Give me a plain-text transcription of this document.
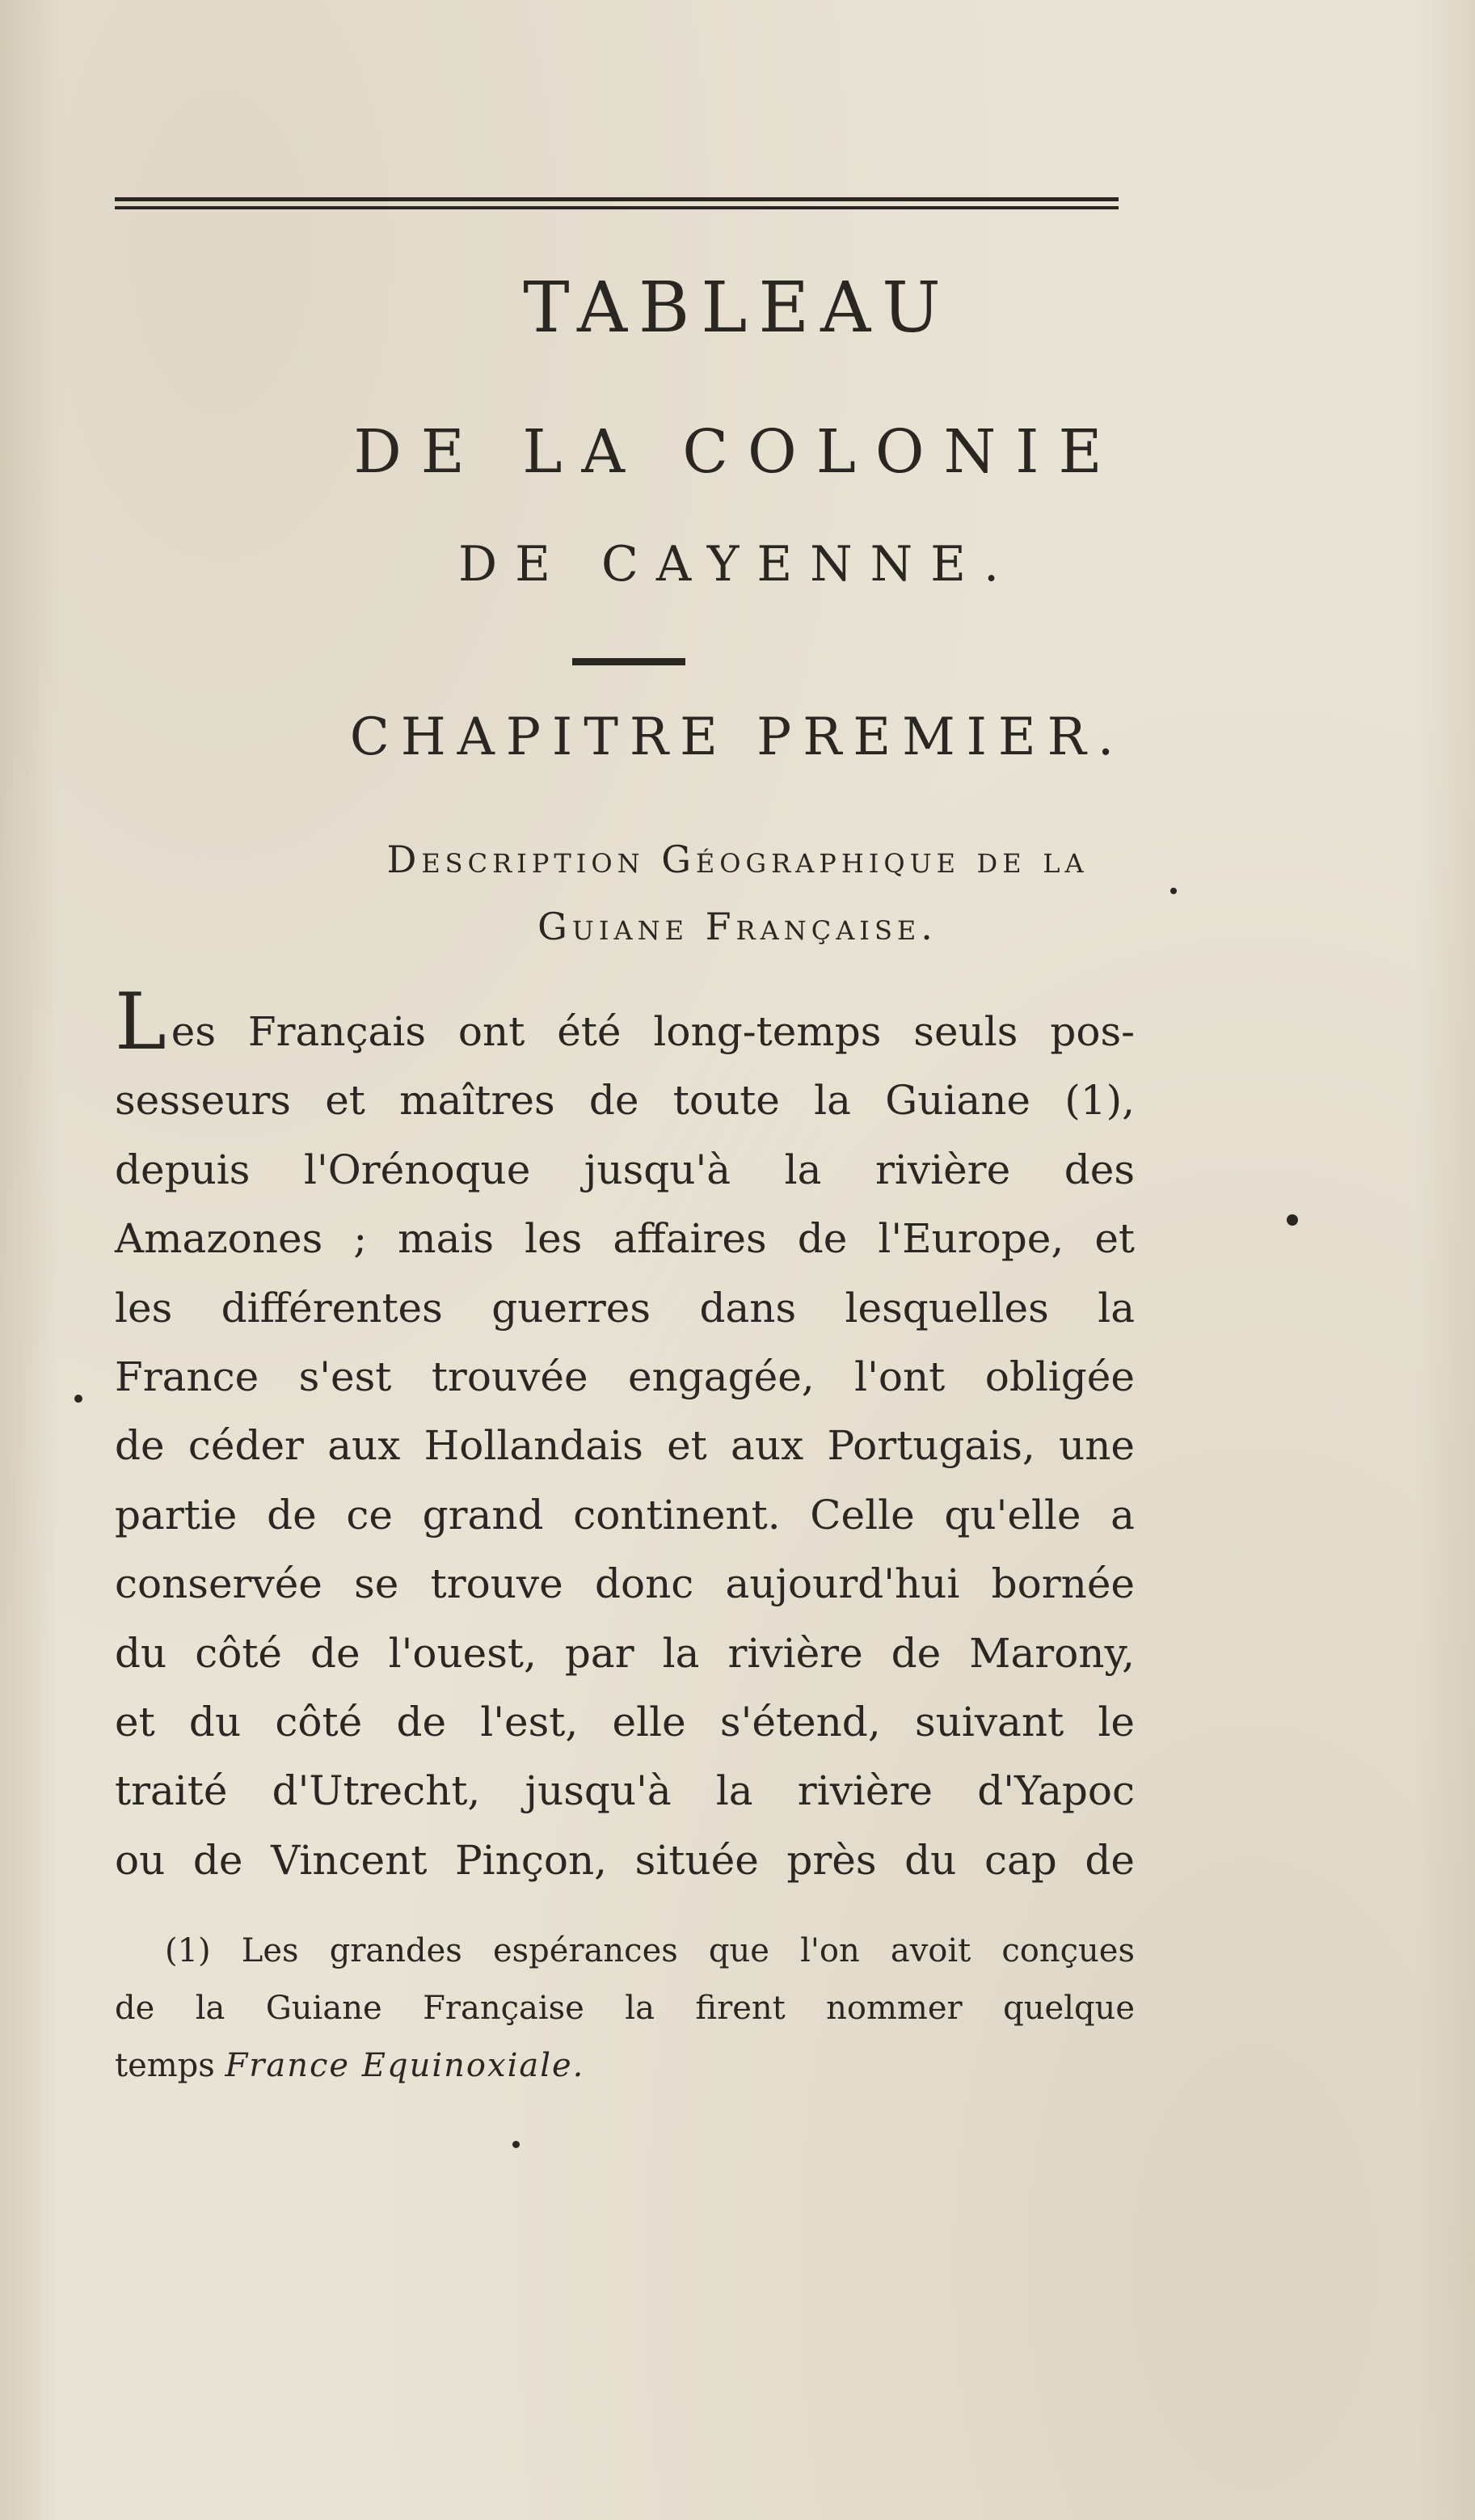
TABLEAU
DE LA COLONIE
DE CAYENNE.
CHAPITRE PREMIER.
Description Géographique de la
Guiane Française.
Les Français ont été long-temps seuls pos-
sesseurs et maîtres de toute la Guiane (1),
depuis l'Orénoque jusqu'à la rivière des
Amazones ; mais les affaires de l'Europe, et
les différentes guerres dans lesquelles la
France s'est trouvée engagée, l'ont obligée
de céder aux Hollandais et aux Portugais, une
partie de ce grand continent. Celle qu'elle a
conservée se trouve donc aujourd'hui bornée
du côté de l'ouest, par la rivière de Marony,
et du côté de l'est, elle s'étend, suivant le
traité d'Utrecht, jusqu'à la rivière d'Yapoc
ou de Vincent Pinçon, située près du cap de
(1) Les grandes espérances que l'on avoit conçues
de la Guiane Française la firent nommer quelque
temps France Equinoxiale.
